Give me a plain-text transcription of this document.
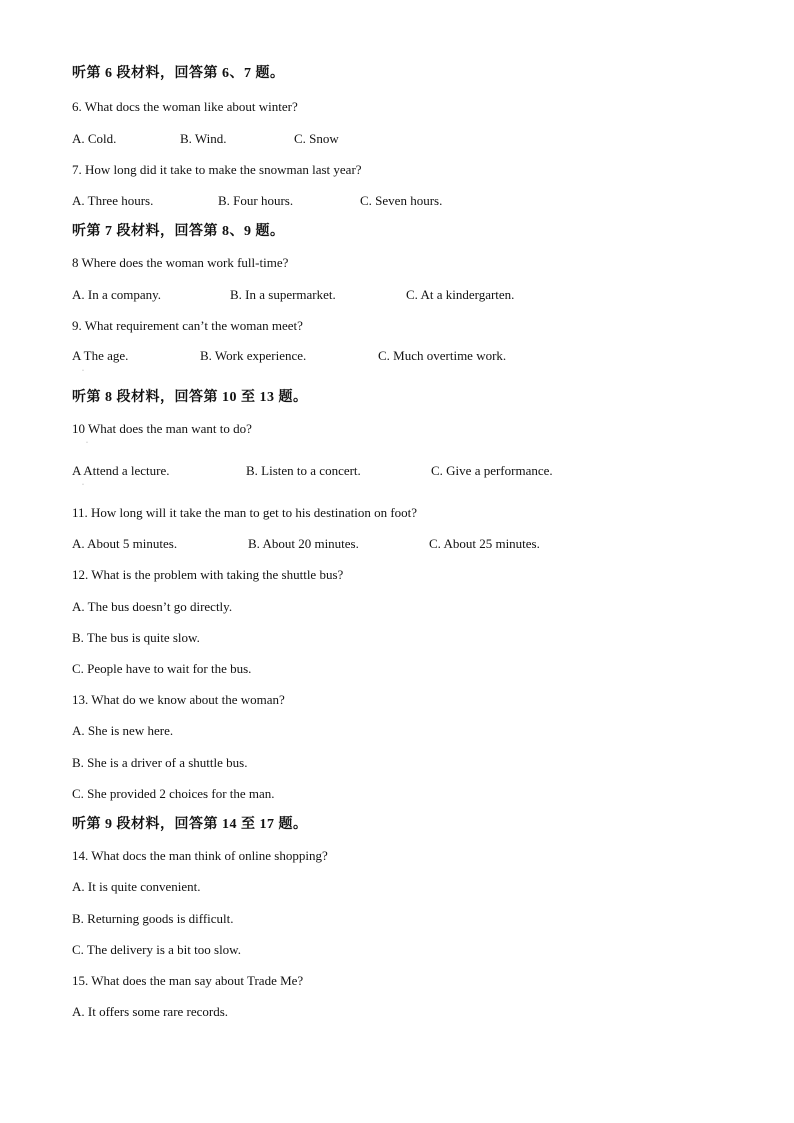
听第 6 段材料，回答第 6、7 题。
6. What docs the woman like about winter?
A. Cold.	B. Wind.	C. Snow
7. How long did it take to make the snowman last year?
A. Three hours.	B. Four hours.	C. Seven hours.
听第 7 段材料，回答第 8、9 题。
8 Where does the woman work full-time?
A. In a company.	B. In a supermarket.	C. At a kindergarten.
9. What requirement can’t the woman meet?
A The age.	B. Work experience.	C. Much overtime work.
·
听第 8 段材料，回答第 10 至 13 题。
10 What does the man want to do?
·
A Attend a lecture.	B. Listen to a concert.	C. Give a performance.
·
11. How long will it take the man to get to his destination on foot?
A. About 5 minutes.	B. About 20 minutes.	C. About 25 minutes.
12. What is the problem with taking the shuttle bus?
A. The bus doesn’t go directly.
B. The bus is quite slow.
C. People have to wait for the bus.
13. What do we know about the woman?
A. She is new here.
B. She is a driver of a shuttle bus.
C. She provided 2 choices for the man.
听第 9 段材料，回答第 14 至 17 题。
14. What docs the man think of online shopping?
A. It is quite convenient.
B. Returning goods is difficult.
C. The delivery is a bit too slow.
15. What does the man say about Trade Me?
A. It offers some rare records.
